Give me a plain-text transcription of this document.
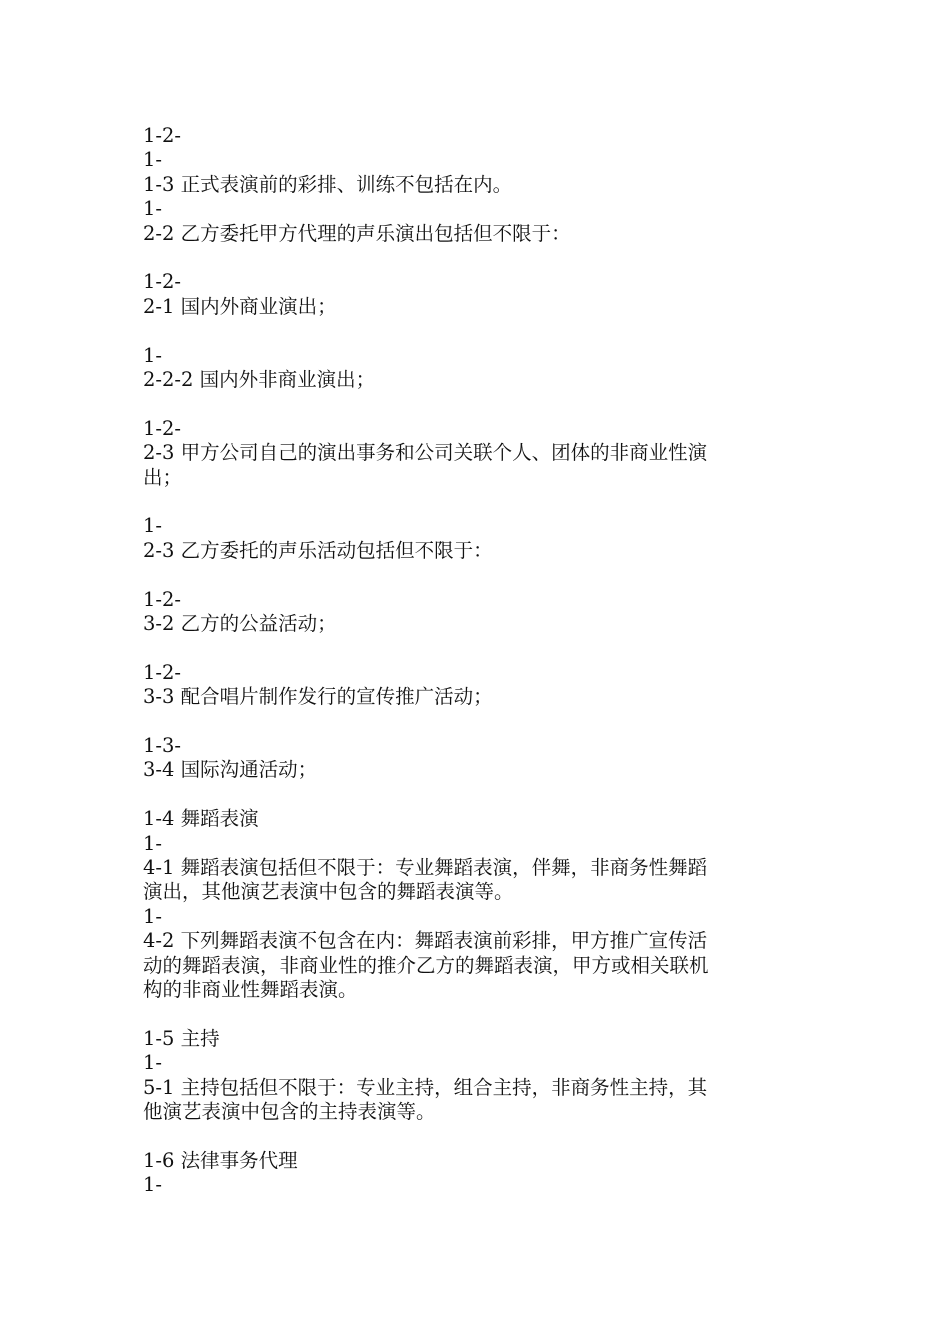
1-2-
1-
1-3 正式表演前的彩排、训练不包括在内。
1-
2-2 乙方委托甲方代理的声乐演出包括但不限于：
1-2-
2-1 国内外商业演出；
1-
2-2-2 国内外非商业演出；
1-2-
2-3 甲方公司自己的演出事务和公司关联个人、团体的非商业性演
出；
1-
2-3 乙方委托的声乐活动包括但不限于：
1-2-
3-2 乙方的公益活动；
1-2-
3-3 配合唱片制作发行的宣传推广活动；
1-3-
3-4 国际沟通活动；
1-4 舞蹈表演
1-
4-1 舞蹈表演包括但不限于：专业舞蹈表演，伴舞，非商务性舞蹈
演出，其他演艺表演中包含的舞蹈表演等。
1-
4-2 下列舞蹈表演不包含在内：舞蹈表演前彩排，甲方推广宣传活
动的舞蹈表演，非商业性的推介乙方的舞蹈表演，甲方或相关联机
构的非商业性舞蹈表演。
1-5 主持
1-
5-1 主持包括但不限于：专业主持，组合主持，非商务性主持，其
他演艺表演中包含的主持表演等。
1-6 法律事务代理
1-
